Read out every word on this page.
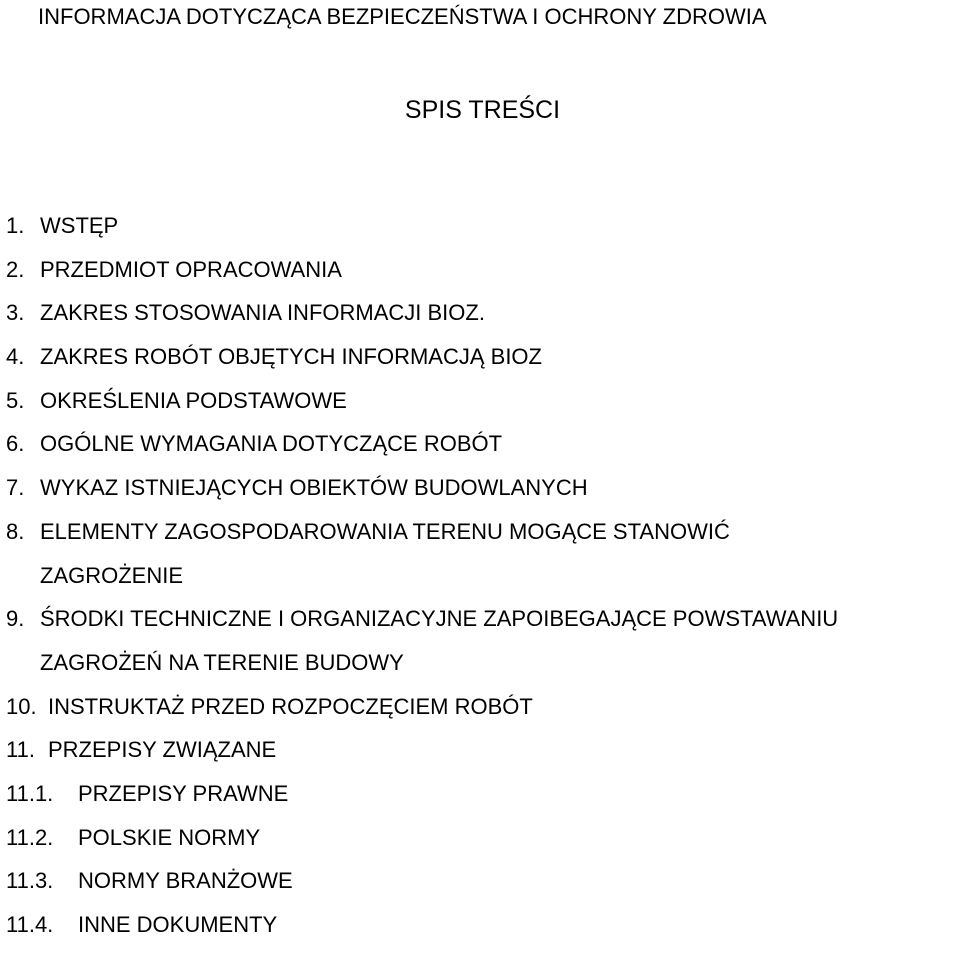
INFORMACJA DOTYCZĄCA BEZPIECZEŃSTWA I OCHRONY ZDROWIA
SPIS TREŚCI
1. WSTĘP
2. PRZEDMIOT OPRACOWANIA
3. ZAKRES STOSOWANIA INFORMACJI BIOZ.
4. ZAKRES ROBÓT OBJĘTYCH INFORMACJĄ BIOZ
5. OKREŚLENIA PODSTAWOWE
6. OGÓLNE WYMAGANIA DOTYCZĄCE ROBÓT
7. WYKAZ ISTNIEJĄCYCH OBIEKTÓW BUDOWLANYCH
8. ELEMENTY ZAGOSPODAROWANIA TERENU MOGĄCE STANOWIĆ
ZAGROŻENIE
9. ŚRODKI TECHNICZNE I ORGANIZACYJNE ZAPOIBEGAJĄCE POWSTAWANIU
ZAGROŻEŃ NA TERENIE BUDOWY
10. INSTRUKTAŻ PRZED ROZPOCZĘCIEM ROBÓT
11. PRZEPISY ZWIĄZANE
11.1. PRZEPISY PRAWNE
11.2. POLSKIE NORMY
11.3. NORMY BRANŻOWE
11.4. INNE DOKUMENTY
